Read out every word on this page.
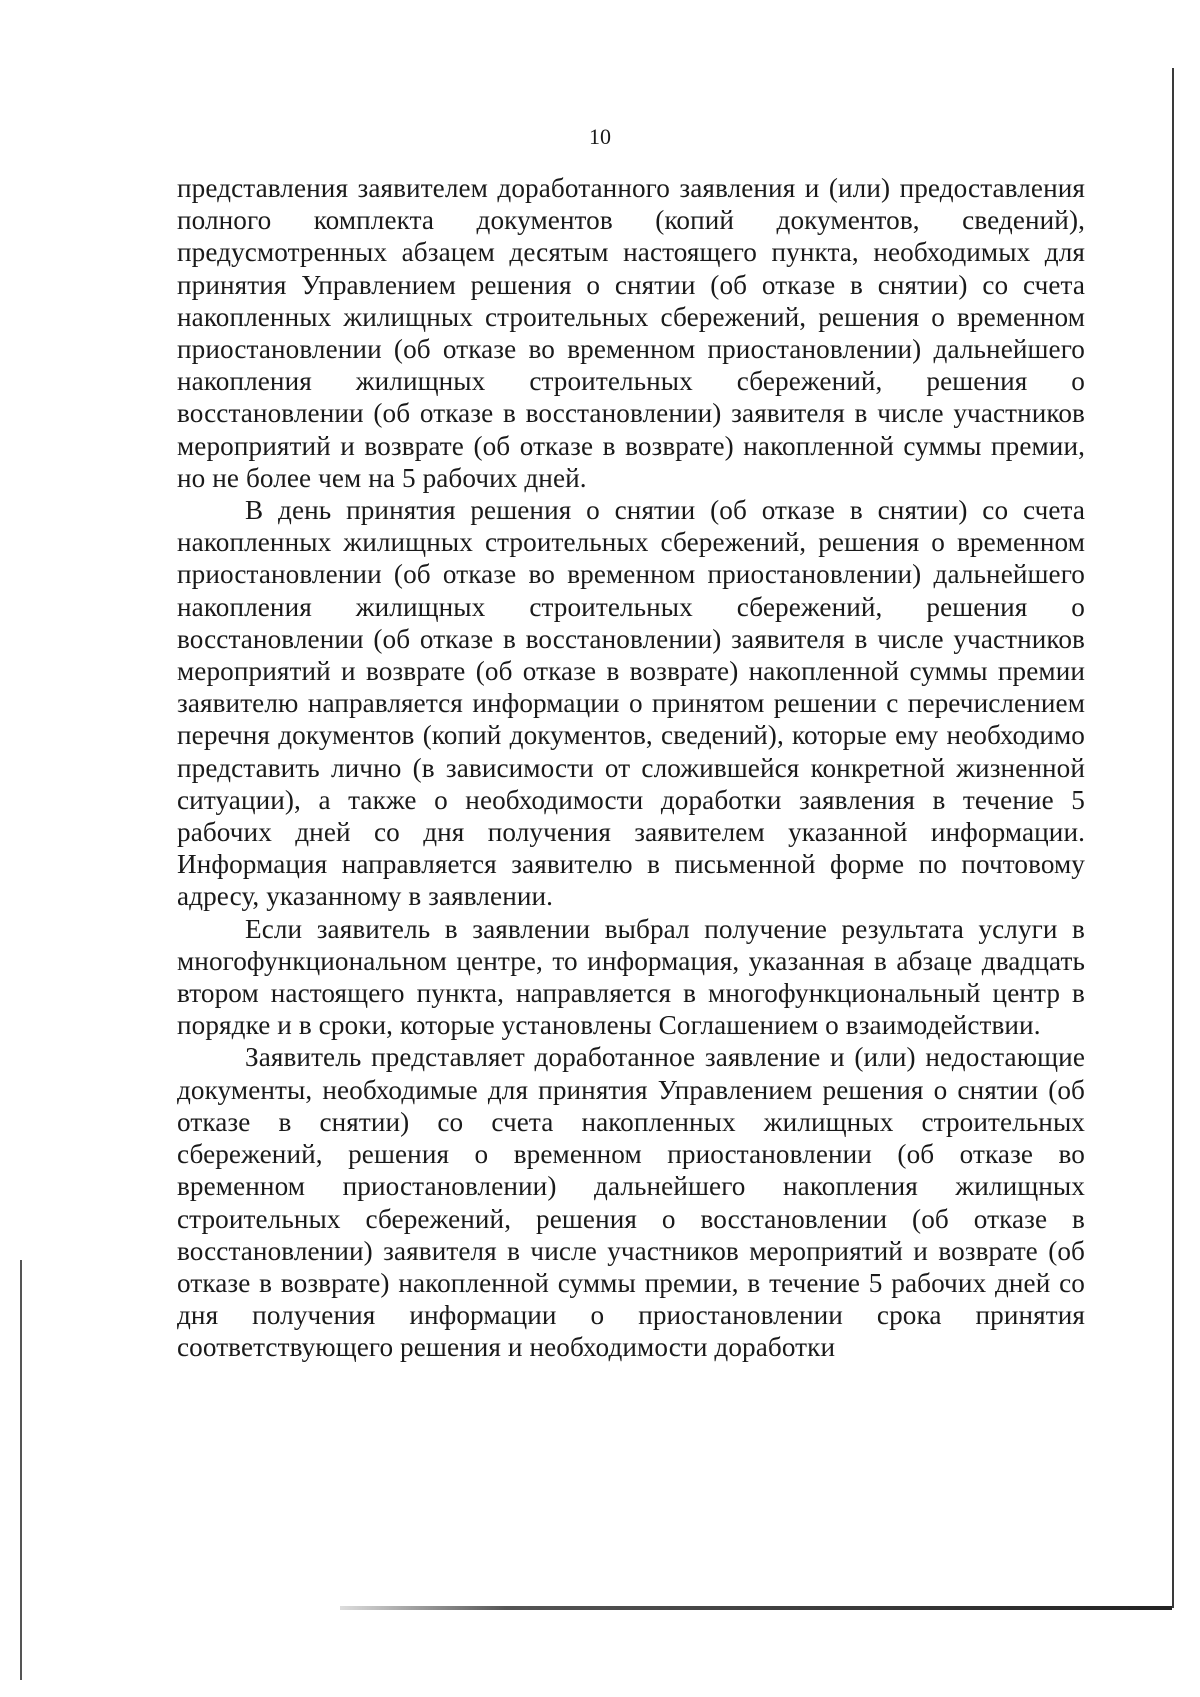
10

представления заявителем доработанного заявления и (или) предоставления полного комплекта документов (копий документов, сведений), предусмотренных абзацем десятым настоящего пункта, необходимых для принятия Управлением решения о снятии (об отказе в снятии) со счета накопленных жилищных строительных сбережений, решения о временном приостановлении (об отказе во временном приостановлении) дальнейшего накопления жилищных строительных сбережений, решения о восстановлении (об отказе в восстановлении) заявителя в числе участников мероприятий и возврате (об отказе в возврате) накопленной суммы премии, но не более чем на 5 рабочих дней.

В день принятия решения о снятии (об отказе в снятии) со счета накопленных жилищных строительных сбережений, решения о временном приостановлении (об отказе во временном приостановлении) дальнейшего накопления жилищных строительных сбережений, решения о восстановлении (об отказе в восстановлении) заявителя в числе участников мероприятий и возврате (об отказе в возврате) накопленной суммы премии заявителю направляется информации о принятом решении с перечислением перечня документов (копий документов, сведений), которые ему необходимо представить лично (в зависимости от сложившейся конкретной жизненной ситуации), а также о необходимости доработки заявления в течение 5 рабочих дней со дня получения заявителем указанной информации. Информация направляется заявителю в письменной форме по почтовому адресу, указанному в заявлении.

Если заявитель в заявлении выбрал получение результата услуги в многофункциональном центре, то информация, указанная в абзаце двадцать втором настоящего пункта, направляется в многофункциональный центр в порядке и в сроки, которые установлены Соглашением о взаимодействии.

Заявитель представляет доработанное заявление и (или) недостающие документы, необходимые для принятия Управлением решения о снятии (об отказе в снятии) со счета накопленных жилищных строительных сбережений, решения о временном приостановлении (об отказе во временном приостановлении) дальнейшего накопления жилищных строительных сбережений, решения о восстановлении (об отказе в восстановлении) заявителя в числе участников мероприятий и возврате (об отказе в возврате) накопленной суммы премии, в течение 5 рабочих дней со дня получения информации о приостановлении срока принятия соответствующего решения и необходимости доработки
